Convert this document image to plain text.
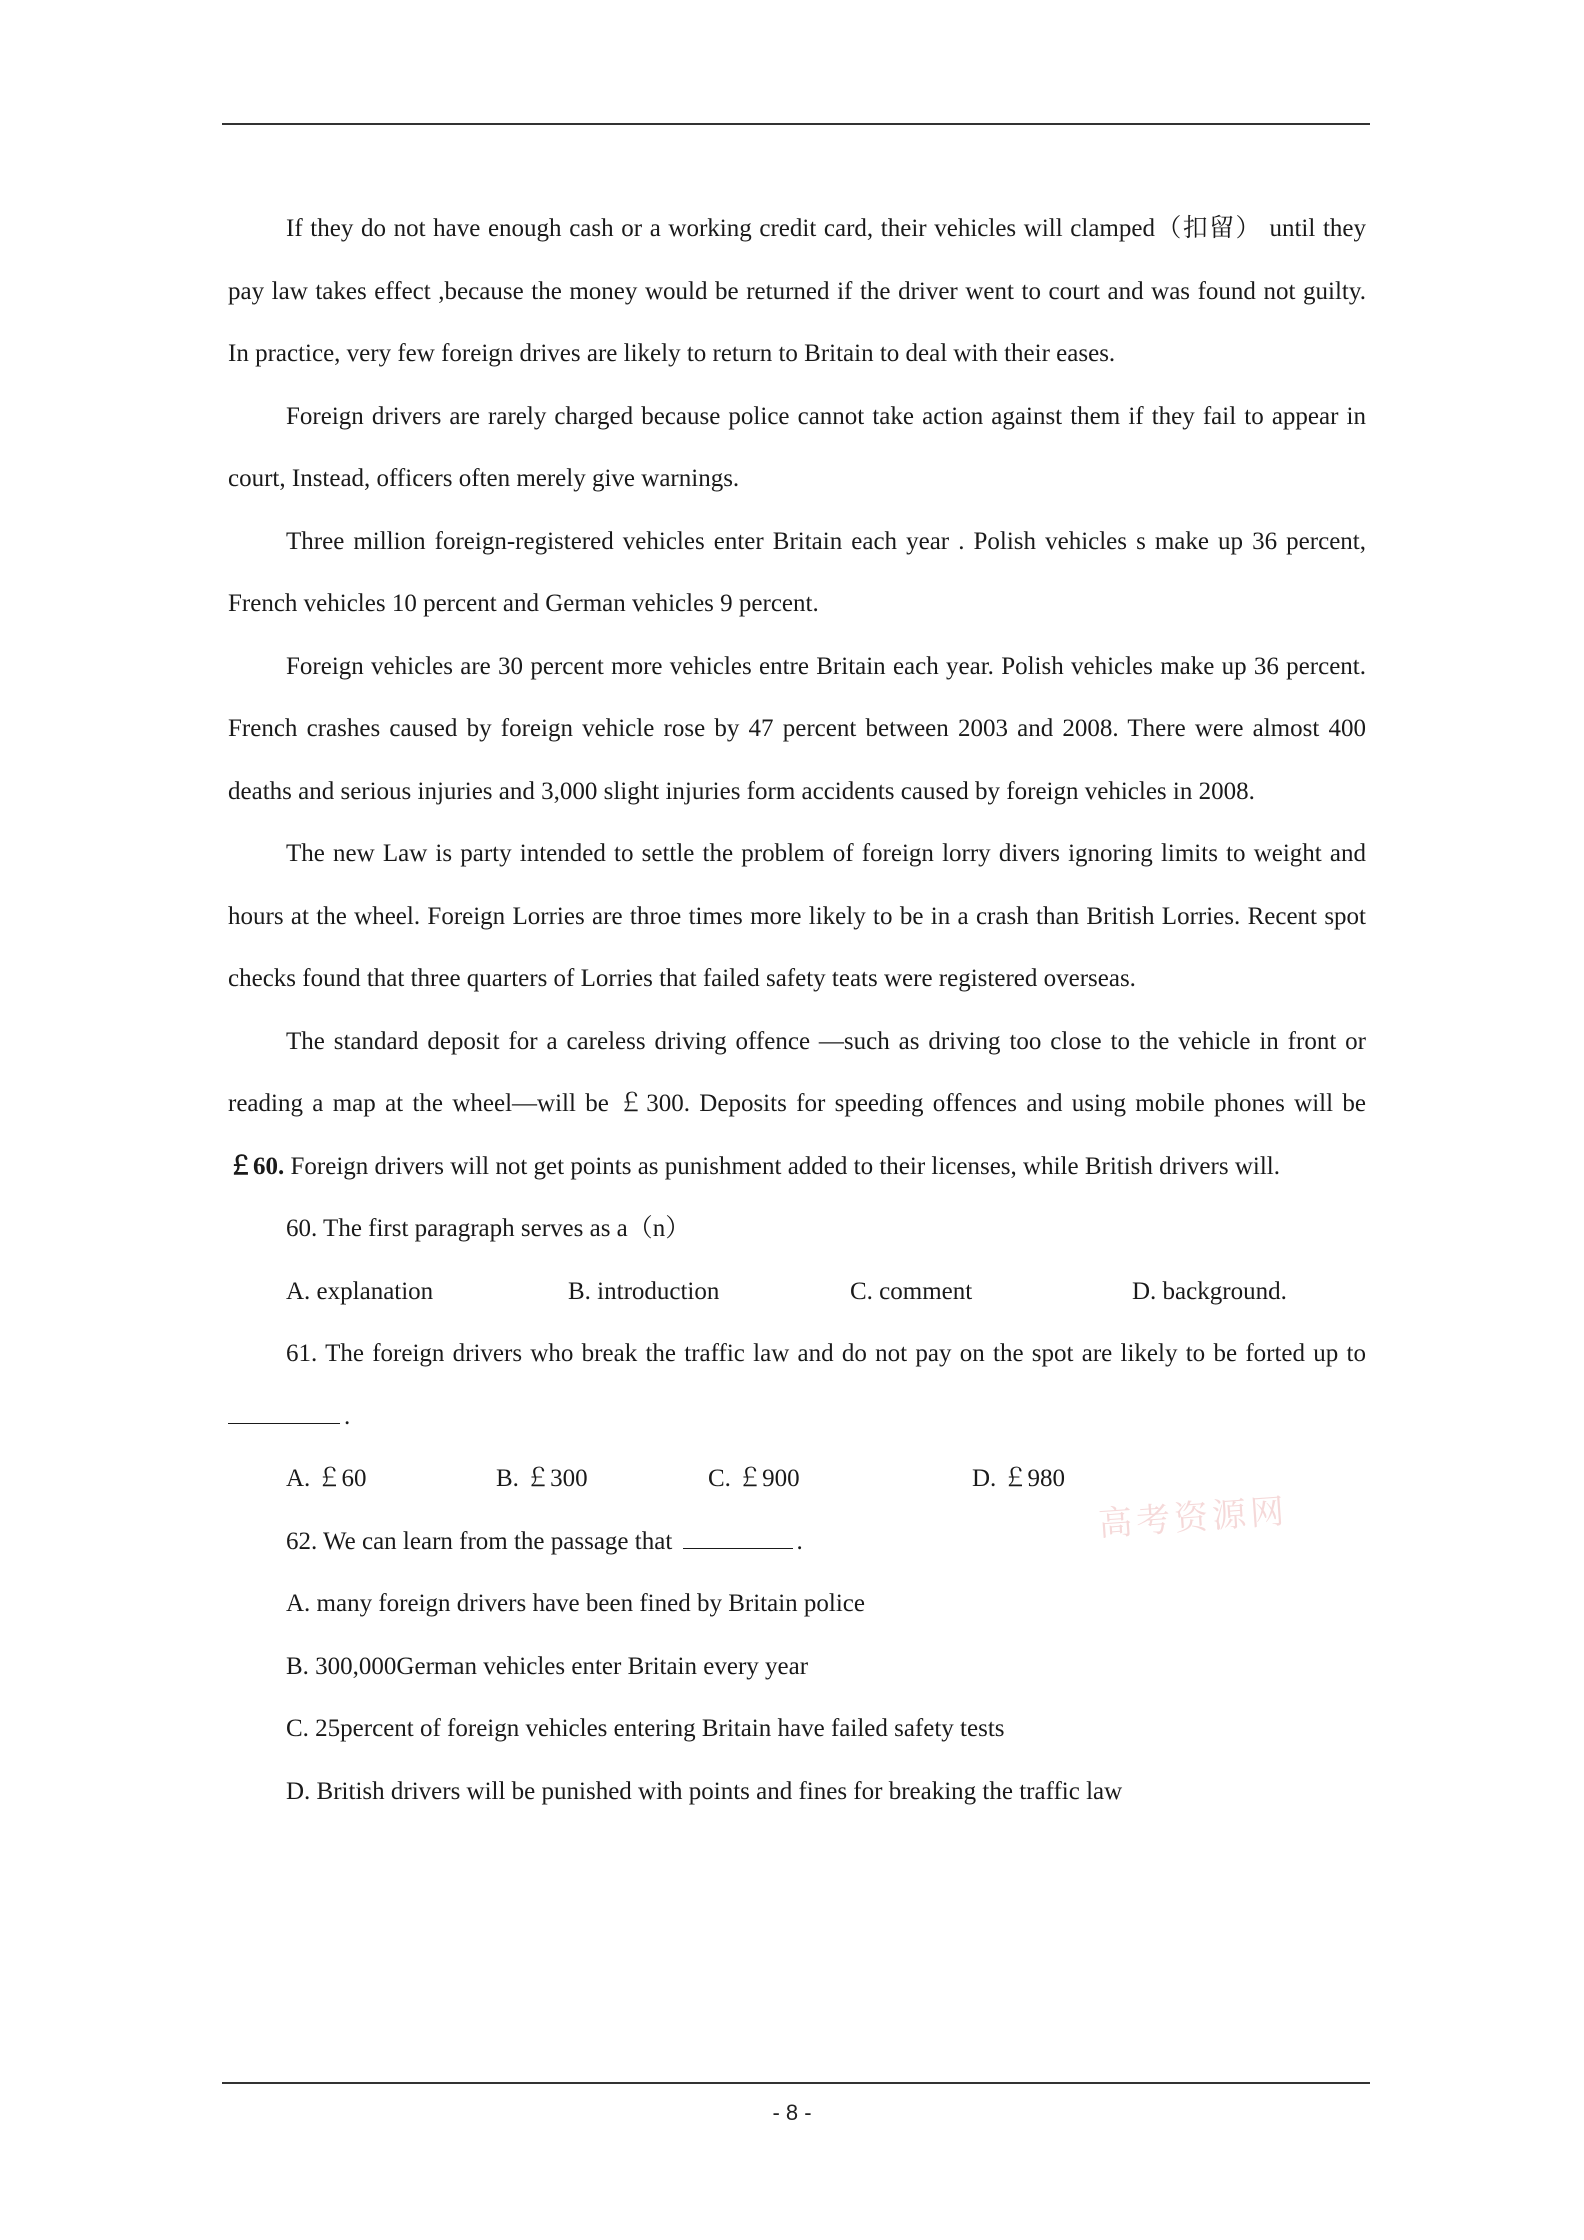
If they do not have enough cash or a working credit card, their vehicles will clamped（扣留） until they pay law takes effect ,because the money would be returned if the driver went to court and was found not guilty. In practice, very few foreign drives are likely to return to Britain to deal with their eases.

Foreign drivers are rarely charged because police cannot take action against them if they fail to appear in court, Instead, officers often merely give warnings.

Three million foreign-registered vehicles enter Britain each year . Polish vehicles s make up 36 percent, French vehicles 10 percent and German vehicles 9 percent.

Foreign vehicles are 30 percent more vehicles entre Britain each year. Polish vehicles make up 36 percent. French crashes caused by foreign vehicle rose by 47 percent between 2003 and 2008. There were almost 400 deaths and serious injuries and 3,000 slight injuries form accidents caused by foreign vehicles in 2008.

The new Law is party intended to settle the problem of foreign lorry divers ignoring limits to weight and hours at the wheel. Foreign Lorries are throe times more likely to be in a crash than British Lorries. Recent spot checks found that three quarters of Lorries that failed safety teats were registered overseas.

The standard deposit for a careless driving offence —such as driving too close to the vehicle in front or reading a map at the wheel—will be ￡300. Deposits for speeding offences and using mobile phones will be ￡60. Foreign drivers will not get points as punishment added to their licenses, while British drivers will.

60. The first paragraph serves as a（n）

A. explanation	B. introduction	C. comment	D. background.

61. The foreign drivers who break the traffic law and do not pay on the spot are likely to be forted up to.

A. ￡60	B. ￡300	C. ￡900	D. ￡980

62. We can learn from the passage that	.

A. many foreign drivers have been fined by Britain police

B. 300,000German vehicles enter Britain every year

C. 25percent of foreign vehicles entering Britain have failed safety tests

D. British drivers will be punished with points and fines for breaking the traffic law

高考资源网
- 8 -
